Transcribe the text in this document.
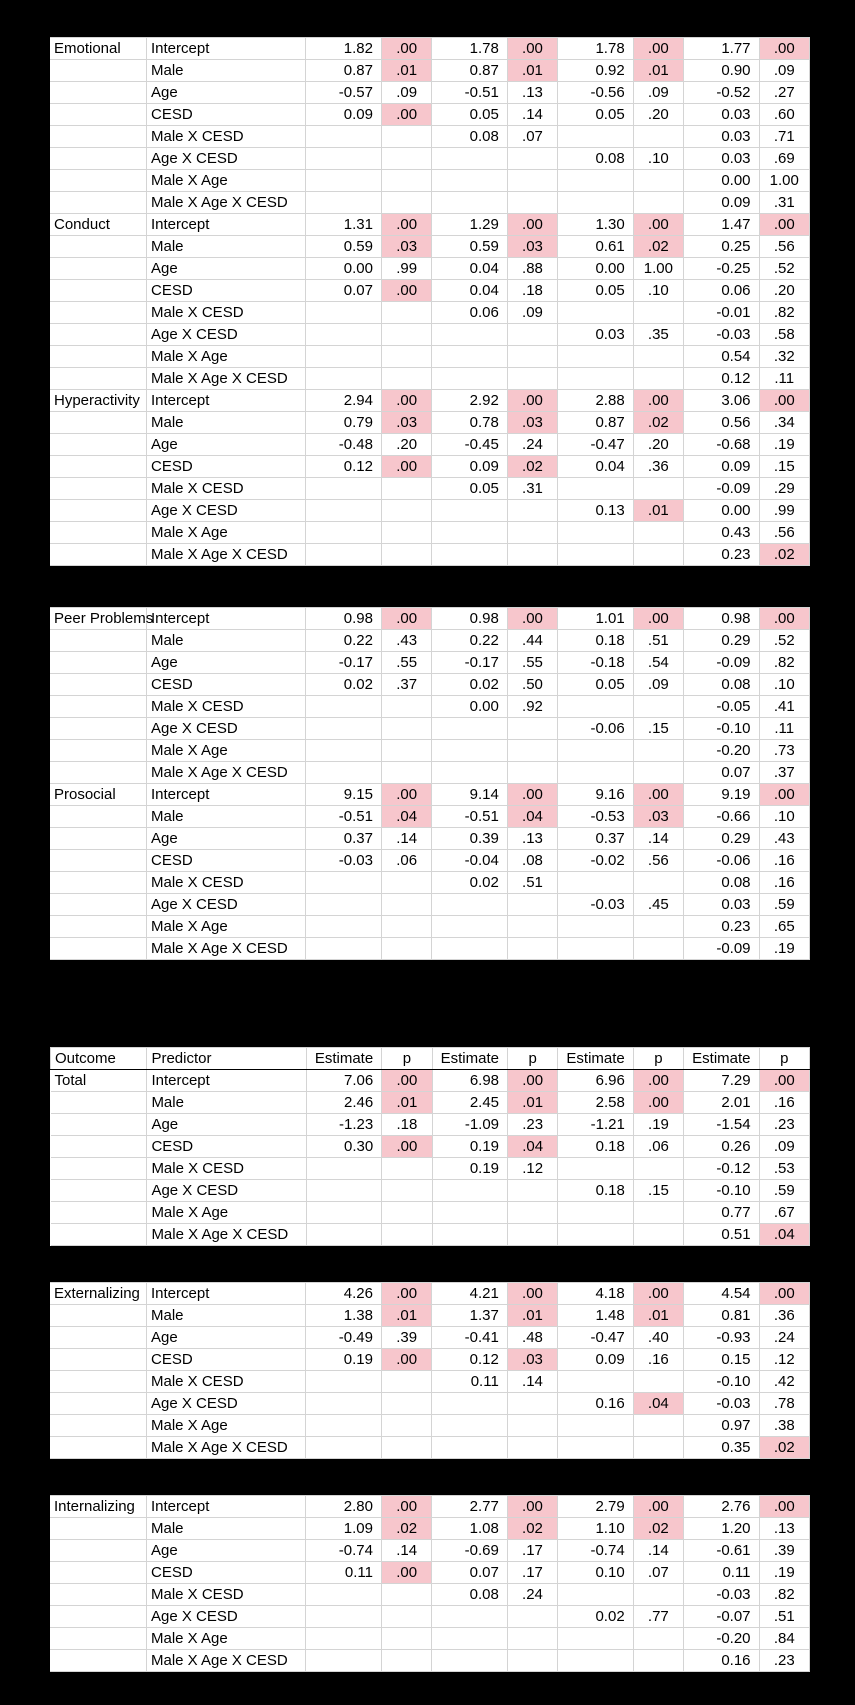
Emotional	Intercept	1.82	.00	1.78	.00	1.78	.00	1.77	.00
	Male	0.87	.01	0.87	.01	0.92	.01	0.90	.09
	Age	-0.57	.09	-0.51	.13	-0.56	.09	-0.52	.27
	CESD	0.09	.00	0.05	.14	0.05	.20	0.03	.60
	Male X CESD			0.08	.07			0.03	.71
	Age X CESD					0.08	.10	0.03	.69
	Male X Age							0.00	1.00
	Male X Age X CESD							0.09	.31
Conduct	Intercept	1.31	.00	1.29	.00	1.30	.00	1.47	.00
	Male	0.59	.03	0.59	.03	0.61	.02	0.25	.56
	Age	0.00	.99	0.04	.88	0.00	1.00	-0.25	.52
	CESD	0.07	.00	0.04	.18	0.05	.10	0.06	.20
	Male X CESD			0.06	.09			-0.01	.82
	Age X CESD					0.03	.35	-0.03	.58
	Male X Age							0.54	.32
	Male X Age X CESD							0.12	.11
Hyperactivity	Intercept	2.94	.00	2.92	.00	2.88	.00	3.06	.00
	Male	0.79	.03	0.78	.03	0.87	.02	0.56	.34
	Age	-0.48	.20	-0.45	.24	-0.47	.20	-0.68	.19
	CESD	0.12	.00	0.09	.02	0.04	.36	0.09	.15
	Male X CESD			0.05	.31			-0.09	.29
	Age X CESD					0.13	.01	0.00	.99
	Male X Age							0.43	.56
	Male X Age X CESD							0.23	.02
Peer Problems	Intercept	0.98	.00	0.98	.00	1.01	.00	0.98	.00
	Male	0.22	.43	0.22	.44	0.18	.51	0.29	.52
	Age	-0.17	.55	-0.17	.55	-0.18	.54	-0.09	.82
	CESD	0.02	.37	0.02	.50	0.05	.09	0.08	.10
	Male X CESD			0.00	.92			-0.05	.41
	Age X CESD					-0.06	.15	-0.10	.11
	Male X Age							-0.20	.73
	Male X Age X CESD							0.07	.37
Prosocial	Intercept	9.15	.00	9.14	.00	9.16	.00	9.19	.00
	Male	-0.51	.04	-0.51	.04	-0.53	.03	-0.66	.10
	Age	0.37	.14	0.39	.13	0.37	.14	0.29	.43
	CESD	-0.03	.06	-0.04	.08	-0.02	.56	-0.06	.16
	Male X CESD			0.02	.51			0.08	.16
	Age X CESD					-0.03	.45	0.03	.59
	Male X Age							0.23	.65
	Male X Age X CESD							-0.09	.19
Outcome	Predictor	Estimate	p	Estimate	p	Estimate	p	Estimate	p
Total	Intercept	7.06	.00	6.98	.00	6.96	.00	7.29	.00
	Male	2.46	.01	2.45	.01	2.58	.00	2.01	.16
	Age	-1.23	.18	-1.09	.23	-1.21	.19	-1.54	.23
	CESD	0.30	.00	0.19	.04	0.18	.06	0.26	.09
	Male X CESD			0.19	.12			-0.12	.53
	Age X CESD					0.18	.15	-0.10	.59
	Male X Age							0.77	.67
	Male X Age X CESD							0.51	.04
Externalizing	Intercept	4.26	.00	4.21	.00	4.18	.00	4.54	.00
	Male	1.38	.01	1.37	.01	1.48	.01	0.81	.36
	Age	-0.49	.39	-0.41	.48	-0.47	.40	-0.93	.24
	CESD	0.19	.00	0.12	.03	0.09	.16	0.15	.12
	Male X CESD			0.11	.14			-0.10	.42
	Age X CESD					0.16	.04	-0.03	.78
	Male X Age							0.97	.38
	Male X Age X CESD							0.35	.02
Internalizing	Intercept	2.80	.00	2.77	.00	2.79	.00	2.76	.00
	Male	1.09	.02	1.08	.02	1.10	.02	1.20	.13
	Age	-0.74	.14	-0.69	.17	-0.74	.14	-0.61	.39
	CESD	0.11	.00	0.07	.17	0.10	.07	0.11	.19
	Male X CESD			0.08	.24			-0.03	.82
	Age X CESD					0.02	.77	-0.07	.51
	Male X Age							-0.20	.84
	Male X Age X CESD							0.16	.23
